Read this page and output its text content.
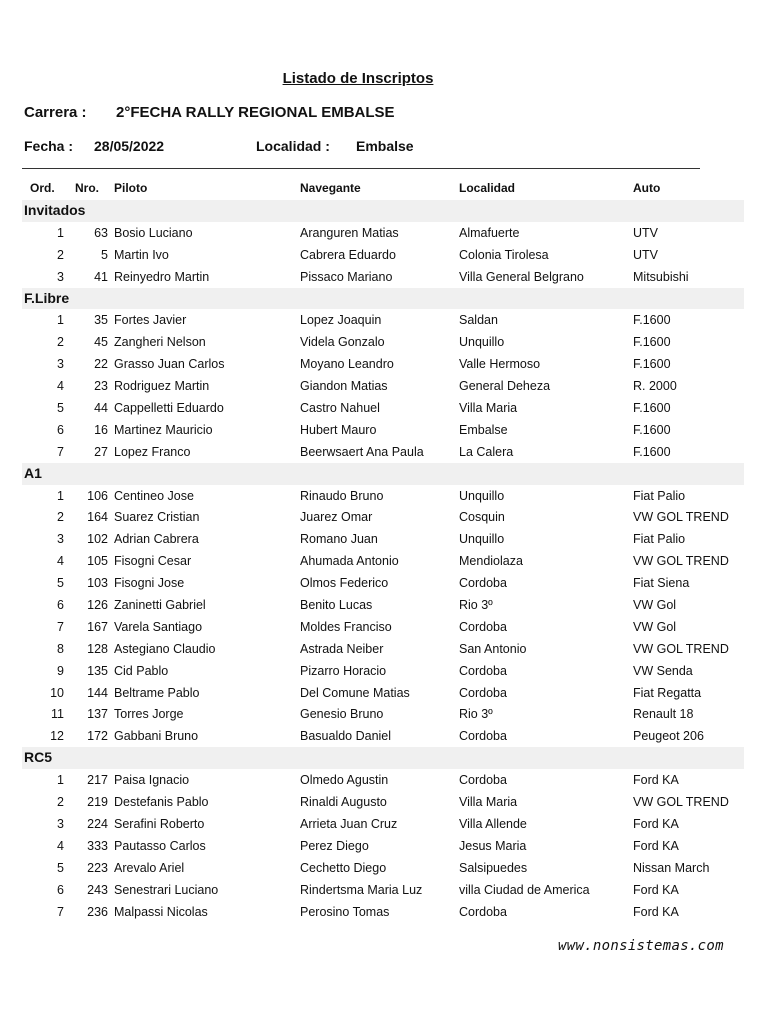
Listado de Inscriptos
Carrera : 2°FECHA RALLY REGIONAL EMBALSE
Fecha : 28/05/2022	Localidad : Embalse
Ord. Nro. Piloto	Navegante	Localidad	Auto
Invitados
1	63 Bosio Luciano	Aranguren Matias	Almafuerte	UTV
2	5 Martin Ivo	Cabrera Eduardo	Colonia Tirolesa	UTV
3	41 Reinyedro Martin	Pissaco Mariano	Villa General Belgrano	Mitsubishi
F.Libre
1	35 Fortes Javier	Lopez Joaquin	Saldan	F.1600
2	45 Zangheri Nelson	Videla Gonzalo	Unquillo	F.1600
3	22 Grasso Juan Carlos	Moyano Leandro	Valle Hermoso	F.1600
4	23 Rodriguez Martin	Giandon Matias	General Deheza	R. 2000
5	44 Cappelletti Eduardo	Castro Nahuel	Villa Maria	F.1600
6	16 Martinez Mauricio	Hubert Mauro	Embalse	F.1600
7	27 Lopez Franco	Beerwsaert Ana Paula	La Calera	F.1600
A1
1	106 Centineo Jose	Rinaudo Bruno	Unquillo	Fiat Palio
2	164 Suarez Cristian	Juarez Omar	Cosquin	VW GOL TREND
3	102 Adrian Cabrera	Romano Juan	Unquillo	Fiat Palio
4	105 Fisogni Cesar	Ahumada Antonio	Mendiolaza	VW GOL TREND
5	103 Fisogni Jose	Olmos Federico	Cordoba	Fiat Siena
6	126 Zaninetti Gabriel	Benito Lucas	Rio 3º	VW Gol
7	167 Varela Santiago	Moldes Franciso	Cordoba	VW Gol
8	128 Astegiano Claudio	Astrada Neiber	San Antonio	VW GOL TREND
9	135 Cid Pablo	Pizarro Horacio	Cordoba	VW Senda
10	144 Beltrame Pablo	Del Comune Matias	Cordoba	Fiat Regatta
11	137 Torres Jorge	Genesio Bruno	Rio 3º	Renault 18
12	172 Gabbani Bruno	Basualdo Daniel	Cordoba	Peugeot 206
RC5
1	217 Paisa Ignacio	Olmedo Agustin	Cordoba	Ford KA
2	219 Destefanis Pablo	Rinaldi Augusto	Villa Maria	VW GOL TREND
3	224 Serafini Roberto	Arrieta Juan Cruz	Villa Allende	Ford KA
4	333 Pautasso Carlos	Perez Diego	Jesus Maria	Ford KA
5	223 Arevalo Ariel	Cechetto Diego	Salsipuedes	Nissan March
6	243 Senestrari Luciano	Rindertsma Maria Luz	villa Ciudad de America	Ford KA
7	236 Malpassi Nicolas	Perosino Tomas	Cordoba	Ford KA
www.nonsistemas.com
